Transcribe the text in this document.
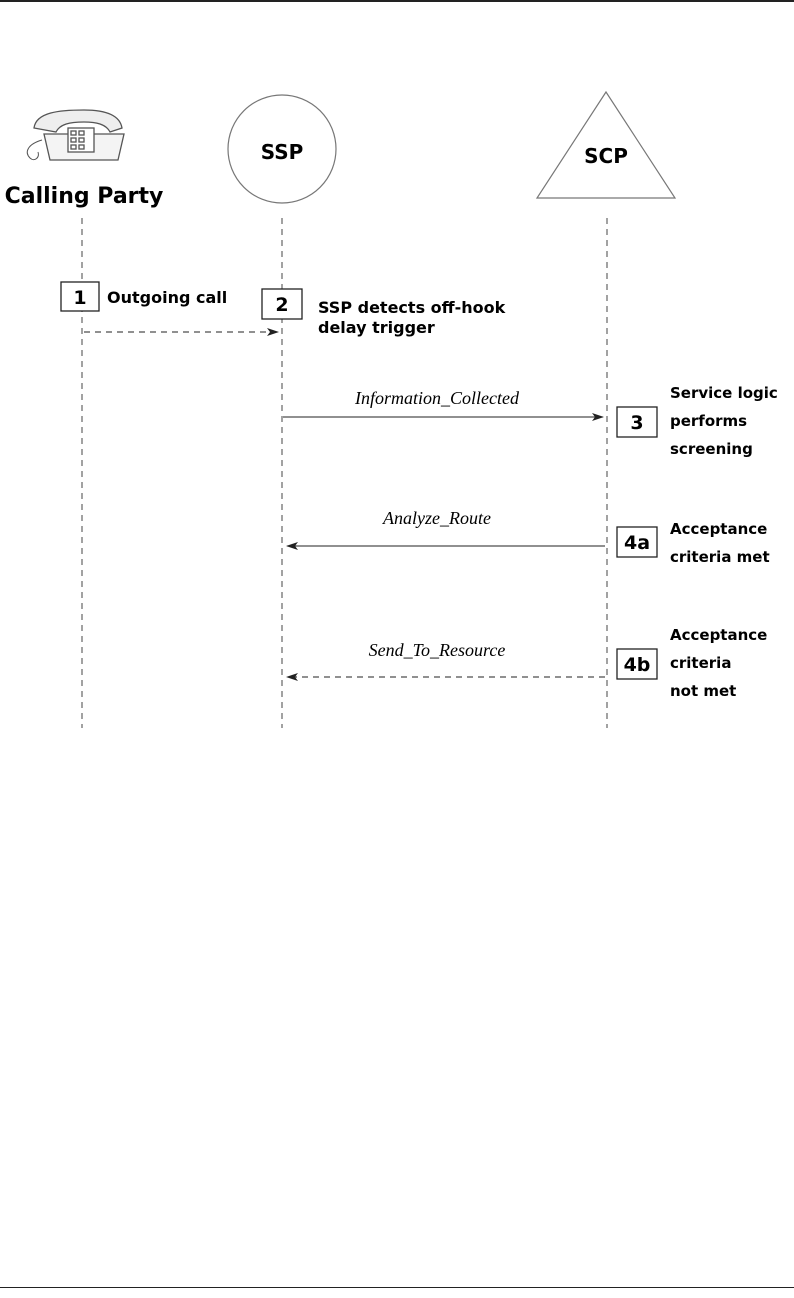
SSP	SCP
Calling Party
1 Outgoing call	2 SSP detects off-hook
delay trigger
Information_Collected
3
Service logic
performs
screening
Analyze_Route
4a
Acceptance
criteria met
Send_To_Resource
4b
Acceptance
criteria
not met
